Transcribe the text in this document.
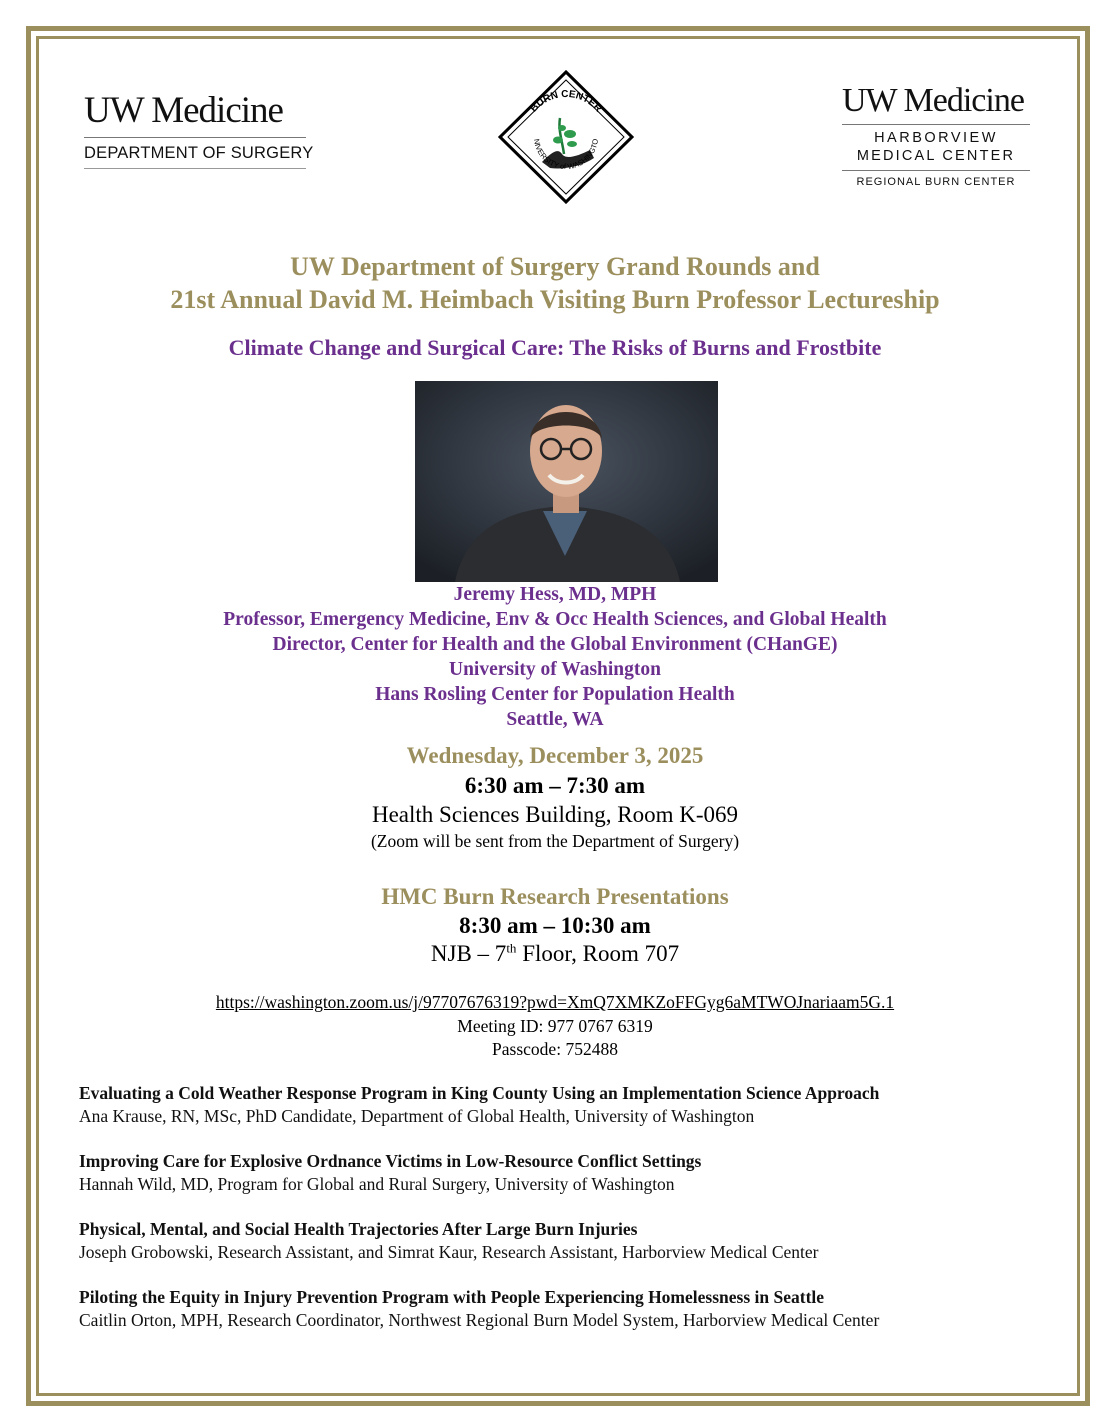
UW Medicine
DEPARTMENT OF SURGERY
BURN CENTER
NIVERSITY of WASHINGTO
UW Medicine
HARBORVIEW
MEDICAL CENTER
REGIONAL BURN CENTER
UW Department of Surgery Grand Rounds and
21st Annual David M. Heimbach Visiting Burn Professor Lectureship
Climate Change and Surgical Care: The Risks of Burns and Frostbite
Jeremy Hess, MD, MPH
Professor, Emergency Medicine, Env & Occ Health Sciences, and Global Health
Director, Center for Health and the Global Environment (CHanGE)
University of Washington
Hans Rosling Center for Population Health
Seattle, WA
Wednesday, December 3, 2025
6:30 am – 7:30 am
Health Sciences Building, Room K-069
(Zoom will be sent from the Department of Surgery)
HMC Burn Research Presentations
8:30 am – 10:30 am
NJB – 7th Floor, Room 707
https://washington.zoom.us/j/97707676319?pwd=XmQ7XMKZoFFGyg6aMTWOJnariaam5G.1
Meeting ID: 977 0767 6319
Passcode: 752488
Evaluating a Cold Weather Response Program in King County Using an Implementation Science Approach
Ana Krause, RN, MSc, PhD Candidate, Department of Global Health, University of Washington
Improving Care for Explosive Ordnance Victims in Low-Resource Conflict Settings
Hannah Wild, MD, Program for Global and Rural Surgery, University of Washington
Physical, Mental, and Social Health Trajectories After Large Burn Injuries
Joseph Grobowski, Research Assistant, and Simrat Kaur, Research Assistant, Harborview Medical Center
Piloting the Equity in Injury Prevention Program with People Experiencing Homelessness in Seattle
Caitlin Orton, MPH, Research Coordinator, Northwest Regional Burn Model System, Harborview Medical Center
